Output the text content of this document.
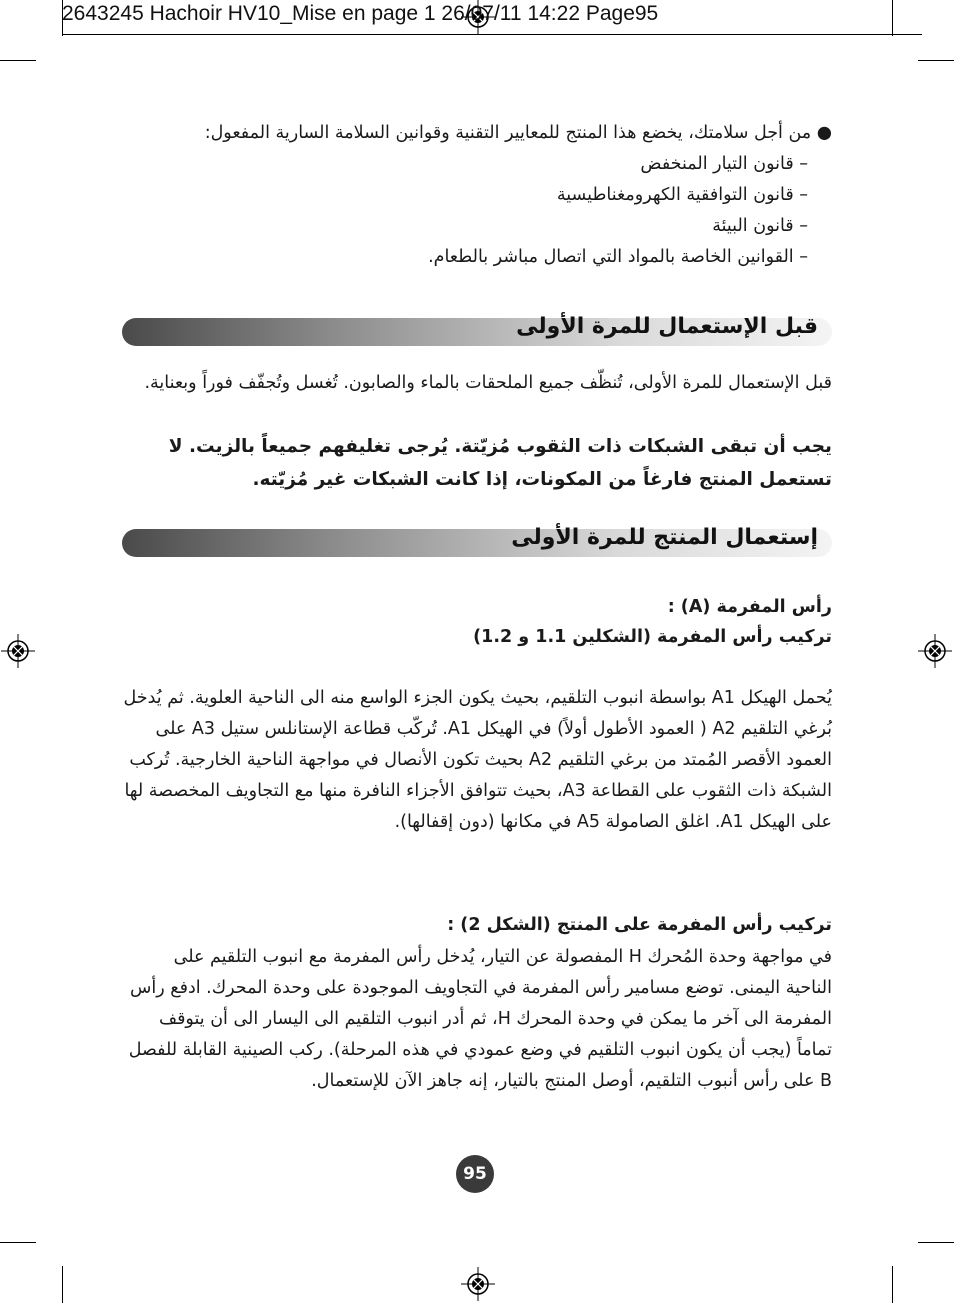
2643245 Hachoir HV10_Mise en page 1 26/07/11 14:22 Page95
● من أجل سلامتك، يخضع هذا المنتج للمعايير التقنية وقوانين السلامة السارية المفعول:
– قانون التيار المنخفض
– قانون التوافقية الكهرومغناطيسية
– قانون البيئة
– القوانين الخاصة بالمواد التي اتصال مباشر بالطعام.
قبل الإستعمال للمرة الأولى
قبل الإستعمال للمرة الأولى، تُنظّف جميع الملحقات بالماء والصابون. تُغسل وتُجفّف فوراً وبعناية.
يجب أن تبقى الشبكات ذات الثقوب مُزيّتة. يُرجى تغليفهم جميعاً بالزيت. لا تستعمل المنتج فارغاً من المكونات، إذا كانت الشبكات غير مُزيّته.
إستعمال المنتج للمرة الأولى
رأس المفرمة (A) :
تركيب رأس المفرمة (الشكلين 1.1 و 1.2)
يُحمل الهيكل A1 بواسطة انبوب التلقيم، بحيث يكون الجزء الواسع منه الى الناحية العلوية. ثم يُدخل بُرغي التلقيم A2 ( العمود الأطول أولاً) في الهيكل A1. تُركّب قطاعة الإستانلس ستيل A3 على العمود الأقصر المُمتد من برغي التلقيم A2 بحيث تكون الأنصال في مواجهة الناحية الخارجية. تُركب الشبكة ذات الثقوب على القطاعة A3، بحيث تتوافق الأجزاء النافرة منها مع التجاويف المخصصة لها على الهيكل A1. اغلق الصامولة A5 في مكانها (دون إقفالها).
تركيب رأس المفرمة على المنتج (الشكل 2) :
في مواجهة وحدة المُحرك H المفصولة عن التيار، يُدخل رأس المفرمة مع انبوب التلقيم على الناحية اليمنى. توضع مسامير رأس المفرمة في التجاويف الموجودة على وحدة المحرك. ادفع رأس المفرمة الى آخر ما يمكن في وحدة المحرك H، ثم أدر انبوب التلقيم الى اليسار الى أن يتوقف تماماً (يجب أن يكون انبوب التلقيم في وضع عمودي في هذه المرحلة). ركب الصينية القابلة للفصل B على رأس أنبوب التلقيم، أوصل المنتج بالتيار، إنه جاهز الآن للإستعمال.
95
